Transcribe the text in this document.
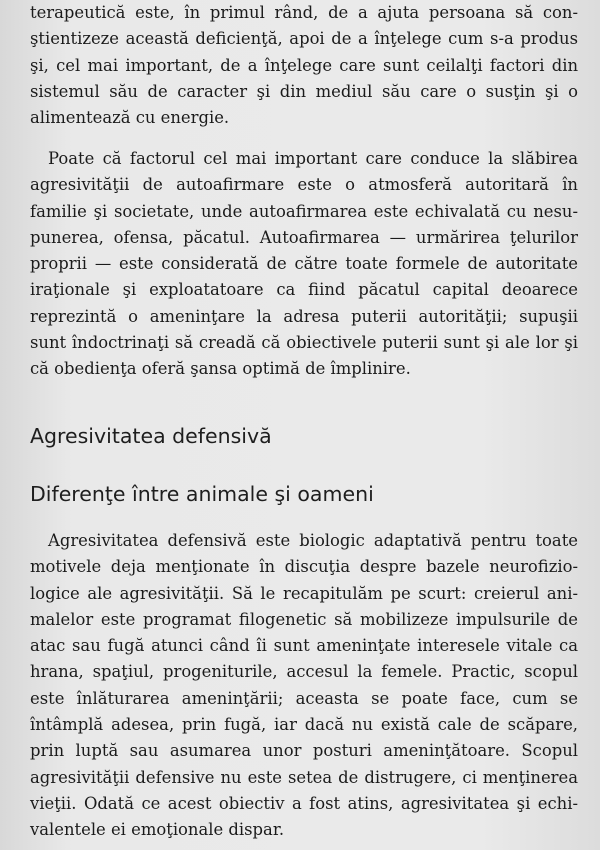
terapeutică este, în primul rând, de a ajuta persoana să con-
ştientizeze această deficienţă, apoi de a înţelege cum s-a produs
şi, cel mai important, de a înţelege care sunt ceilalţi factori din
sistemul său de caracter şi din mediul său care o susţin şi o
alimentează cu energie.

Poate că factorul cel mai important care conduce la slăbirea
agresivităţii de autoafirmare este o atmosferă autoritară în
familie şi societate, unde autoafirmarea este echivalată cu nesu-
punerea, ofensa, păcatul. Autoafirmarea — urmărirea ţelurilor
proprii — este considerată de către toate formele de autoritate
iraţionale şi exploatatoare ca fiind păcatul capital deoarece
reprezintă o ameninţare la adresa puterii autorităţii; supuşii
sunt îndoctrinaţi să creadă că obiectivele puterii sunt şi ale lor şi
că obedienţa oferă şansa optimă de împlinire.

Agresivitatea defensivă
Diferenţe între animale şi oameni

Agresivitatea defensivă este biologic adaptativă pentru toate
motivele deja menţionate în discuţia despre bazele neurofizio-
logice ale agresivităţii. Să le recapitulăm pe scurt: creierul ani-
malelor este programat filogenetic să mobilizeze impulsurile de
atac sau fugă atunci când îi sunt ameninţate interesele vitale ca
hrana, spaţiul, progeniturile, accesul la femele. Practic, scopul
este înlăturarea ameninţării; aceasta se poate face, cum se
întâmplă adesea, prin fugă, iar dacă nu există cale de scăpare,
prin luptă sau asumarea unor posturi ameninţătoare. Scopul
agresivităţii defensive nu este setea de distrugere, ci menţinerea
vieţii. Odată ce acest obiectiv a fost atins, agresivitatea şi echi-
valentele ei emoţionale dispar.
